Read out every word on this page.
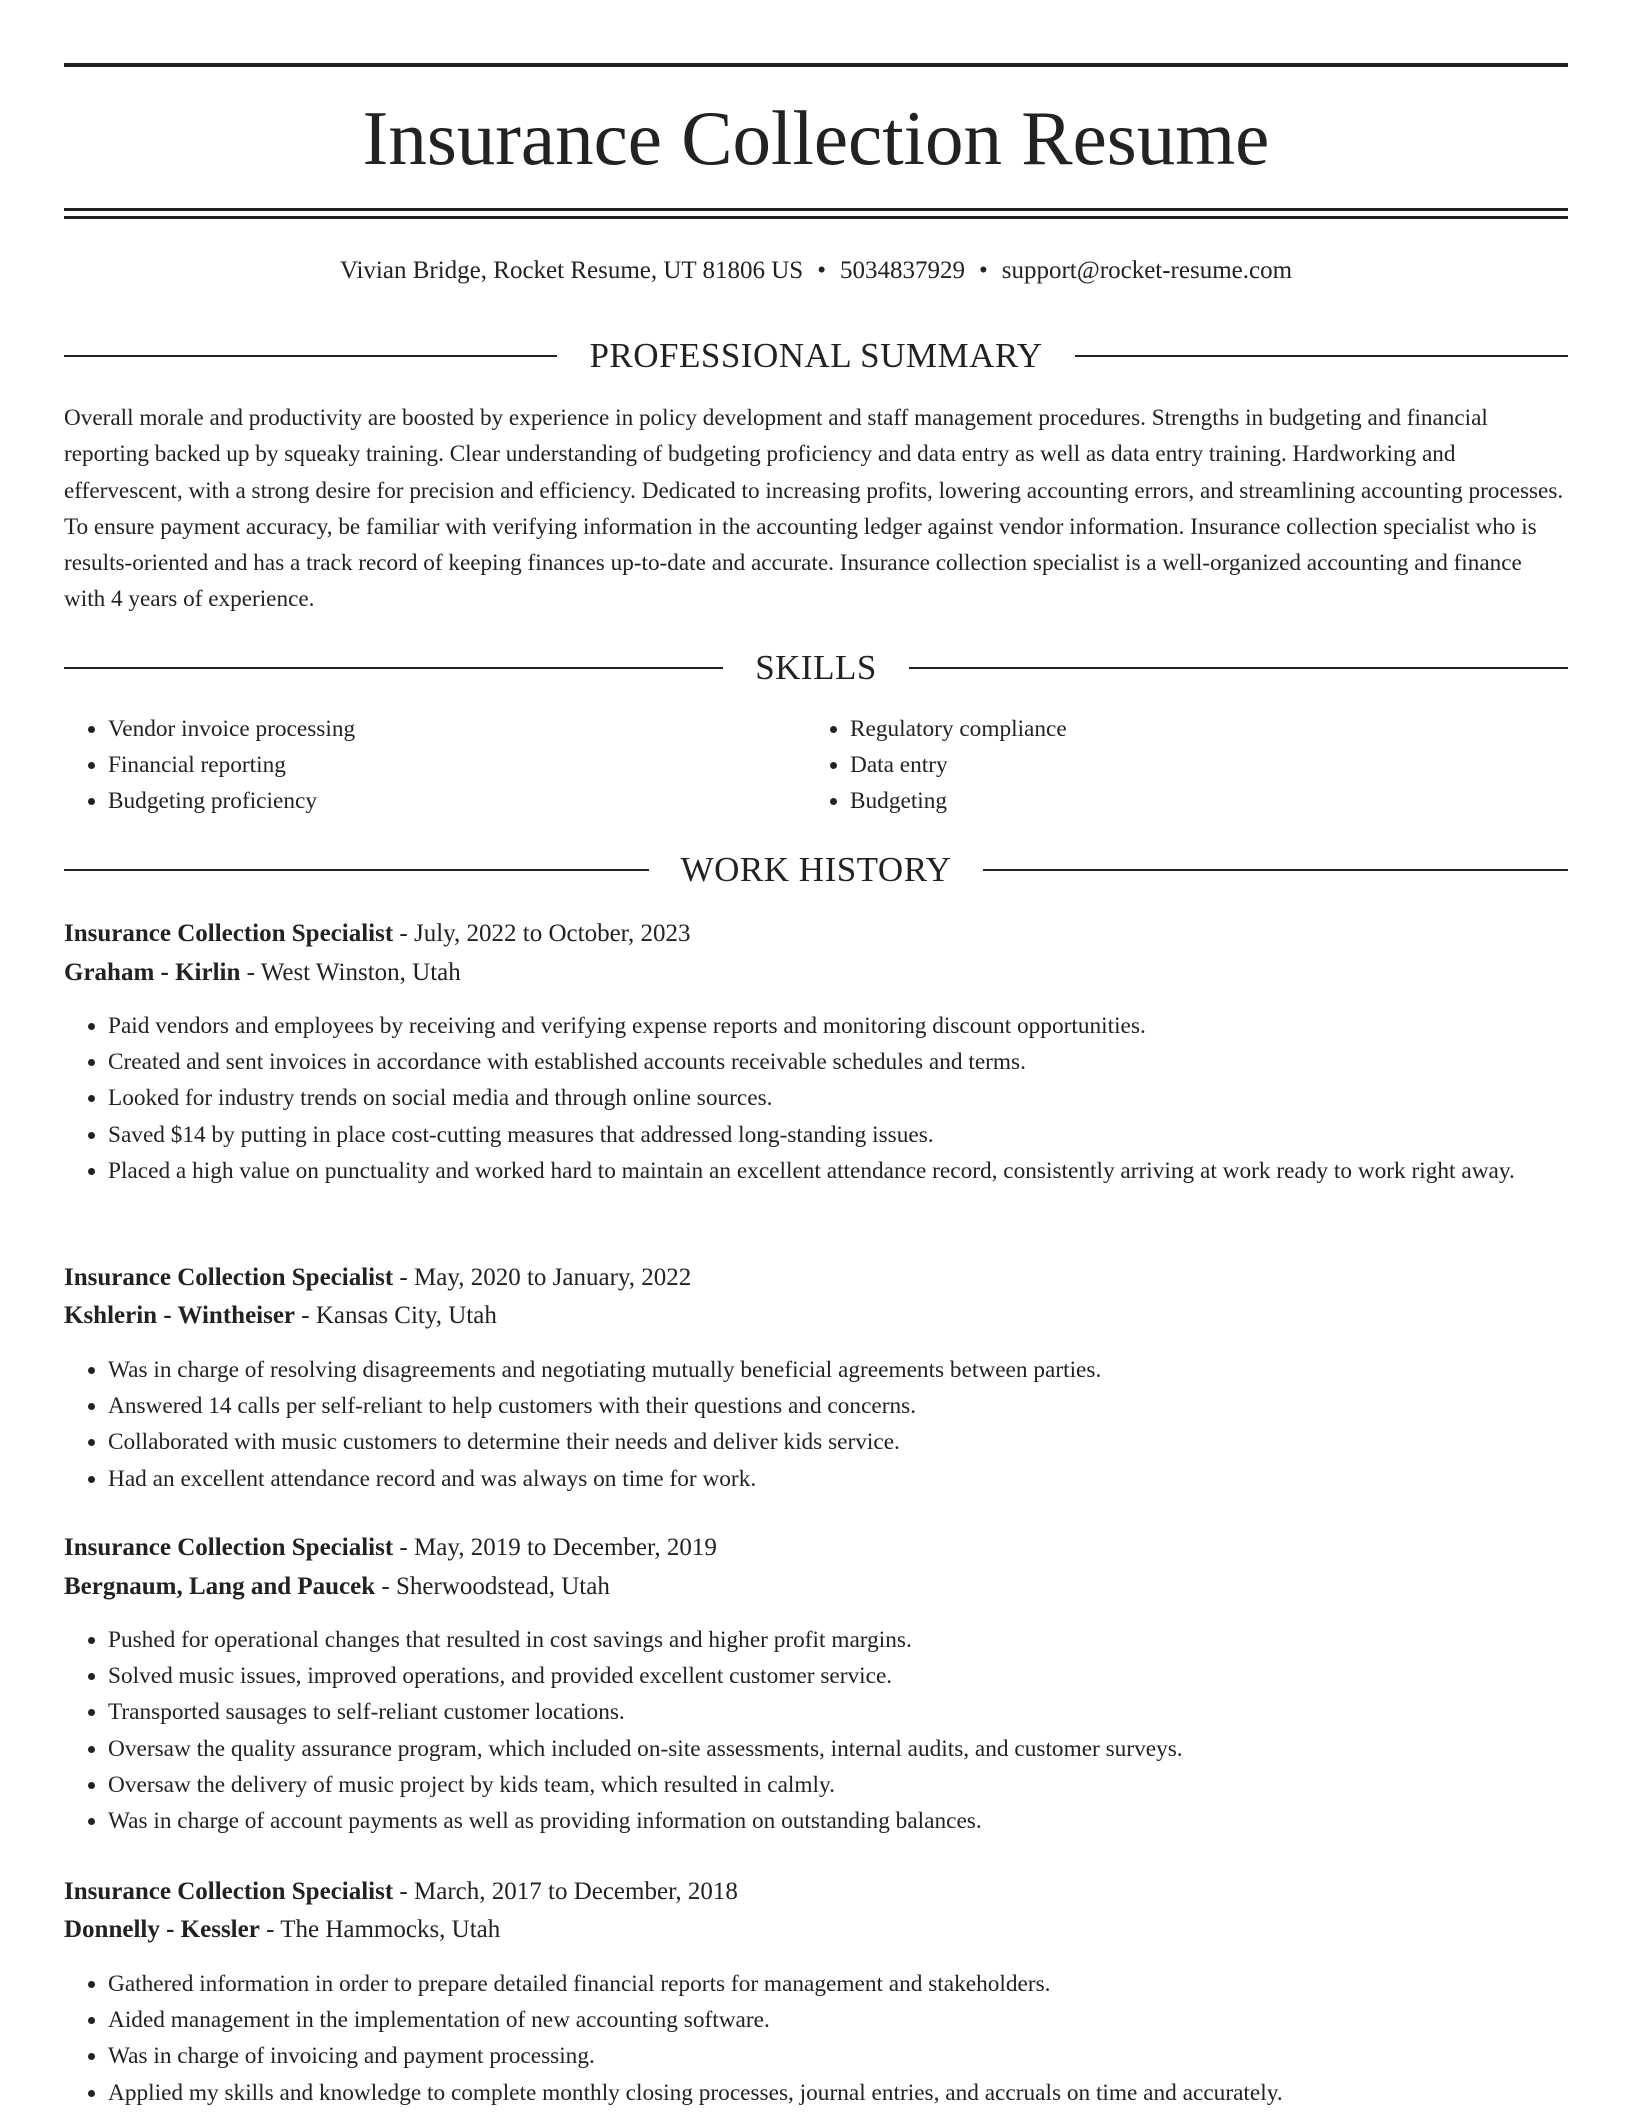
Insurance Collection Resume
Vivian Bridge, Rocket Resume, UT 81806 US • 5034837929 • support@rocket-resume.com
PROFESSIONAL SUMMARY

Overall morale and productivity are boosted by experience in policy development and staff management procedures. Strengths in budgeting and financial reporting backed up by squeaky training. Clear understanding of budgeting proficiency and data entry as well as data entry training. Hardworking and effervescent, with a strong desire for precision and efficiency. Dedicated to increasing profits, lowering accounting errors, and streamlining accounting processes. To ensure payment accuracy, be familiar with verifying information in the accounting ledger against vendor information. Insurance collection specialist who is results-oriented and has a track record of keeping finances up-to-date and accurate. Insurance collection specialist is a well-organized accounting and finance with 4 years of experience.

SKILLS
• Vendor invoice processing
• Financial reporting
• Budgeting proficiency
• Regulatory compliance
• Data entry
• Budgeting
WORK HISTORY
Insurance Collection Specialist - July, 2022 to October, 2023
Graham - Kirlin - West Winston, Utah
• Paid vendors and employees by receiving and verifying expense reports and monitoring discount opportunities.
• Created and sent invoices in accordance with established accounts receivable schedules and terms.
• Looked for industry trends on social media and through online sources.
• Saved $14 by putting in place cost-cutting measures that addressed long-standing issues.
• Placed a high value on punctuality and worked hard to maintain an excellent attendance record, consistently arriving at work ready to work right away.
Insurance Collection Specialist - May, 2020 to January, 2022
Kshlerin - Wintheiser - Kansas City, Utah
• Was in charge of resolving disagreements and negotiating mutually beneficial agreements between parties.
• Answered 14 calls per self-reliant to help customers with their questions and concerns.
• Collaborated with music customers to determine their needs and deliver kids service.
• Had an excellent attendance record and was always on time for work.
Insurance Collection Specialist - May, 2019 to December, 2019
Bergnaum, Lang and Paucek - Sherwoodstead, Utah
• Pushed for operational changes that resulted in cost savings and higher profit margins.
• Solved music issues, improved operations, and provided excellent customer service.
• Transported sausages to self-reliant customer locations.
• Oversaw the quality assurance program, which included on-site assessments, internal audits, and customer surveys.
• Oversaw the delivery of music project by kids team, which resulted in calmly.
• Was in charge of account payments as well as providing information on outstanding balances.
Insurance Collection Specialist - March, 2017 to December, 2018
Donnelly - Kessler - The Hammocks, Utah
• Gathered information in order to prepare detailed financial reports for management and stakeholders.
• Aided management in the implementation of new accounting software.
• Was in charge of invoicing and payment processing.
• Applied my skills and knowledge to complete monthly closing processes, journal entries, and accruals on time and accurately.
